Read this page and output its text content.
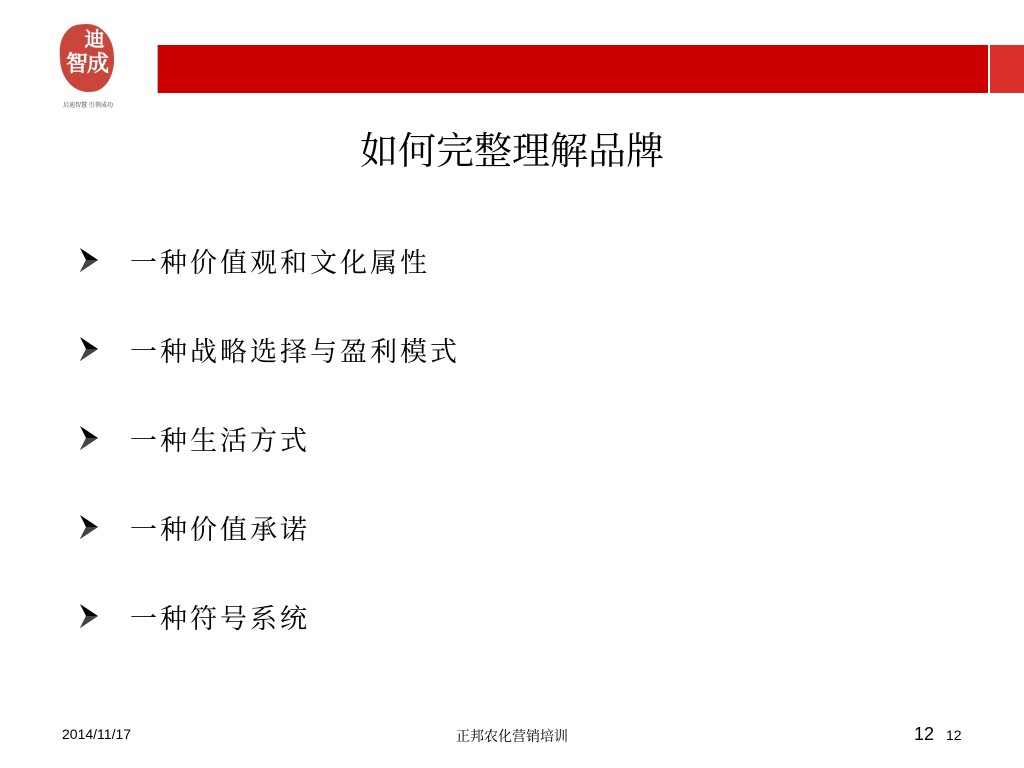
迪
智成
启迪智慧 引领成功
DIZHICHEN CONSULTING 启迪智慧 引领成功
如何完整理解品牌
一种价值观和文化属性
一种战略选择与盈利模式
一种生活方式
一种价值承诺
一种符号系统
2014/11/17	正邦农化营销培训	12 12
